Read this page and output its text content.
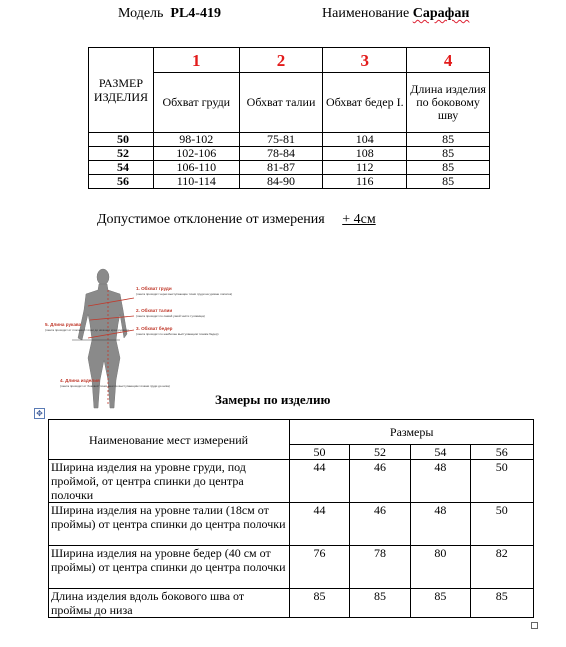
Модель PL4-419	Наименование Сарафан
РАЗМЕР ИЗДЕЛИЯ	1	2	3	4
	Обхват груди	Обхват талии	Обхват бедер I.	Длина изделия по боковому шву
50	98-102	75-81	104	85
52	102-106	78-84	108	85
54	106-110	81-87	112	85
56	110-114	84-90	116	85
Допустимое отклонение от измерения + 4см
1. Обхват груди
(лента проходит через выступающие точки груди на уровне лопаток)
2. Обхват талии
(лента проходит по самой узкой части туловища)
3. Обхват бедер
(лента проходит по наиболее выступающим точкам бедер)
4. Длина изделия
(лента проходит от боковой точки шеи по выступающим точкам груди до низа)
5. Длина рукава
(лента проходит от плечевой точки до нижнего края рукава)
Замеры по изделию
✥
Наименование мест измерений	Размеры			
	50	52	54	56
Ширина изделия на уровне груди, под проймой, от центра спинки до центра полочки	44	46	48	50
Ширина изделия на уровне талии (18см от проймы) от центра спинки до центра полочки	44	46	48	50
Ширина изделия на уровне бедер (40 см от проймы) от центра спинки до центра полочки	76	78	80	82
Длина изделия вдоль бокового шва от проймы до низа	85	85	85	85
